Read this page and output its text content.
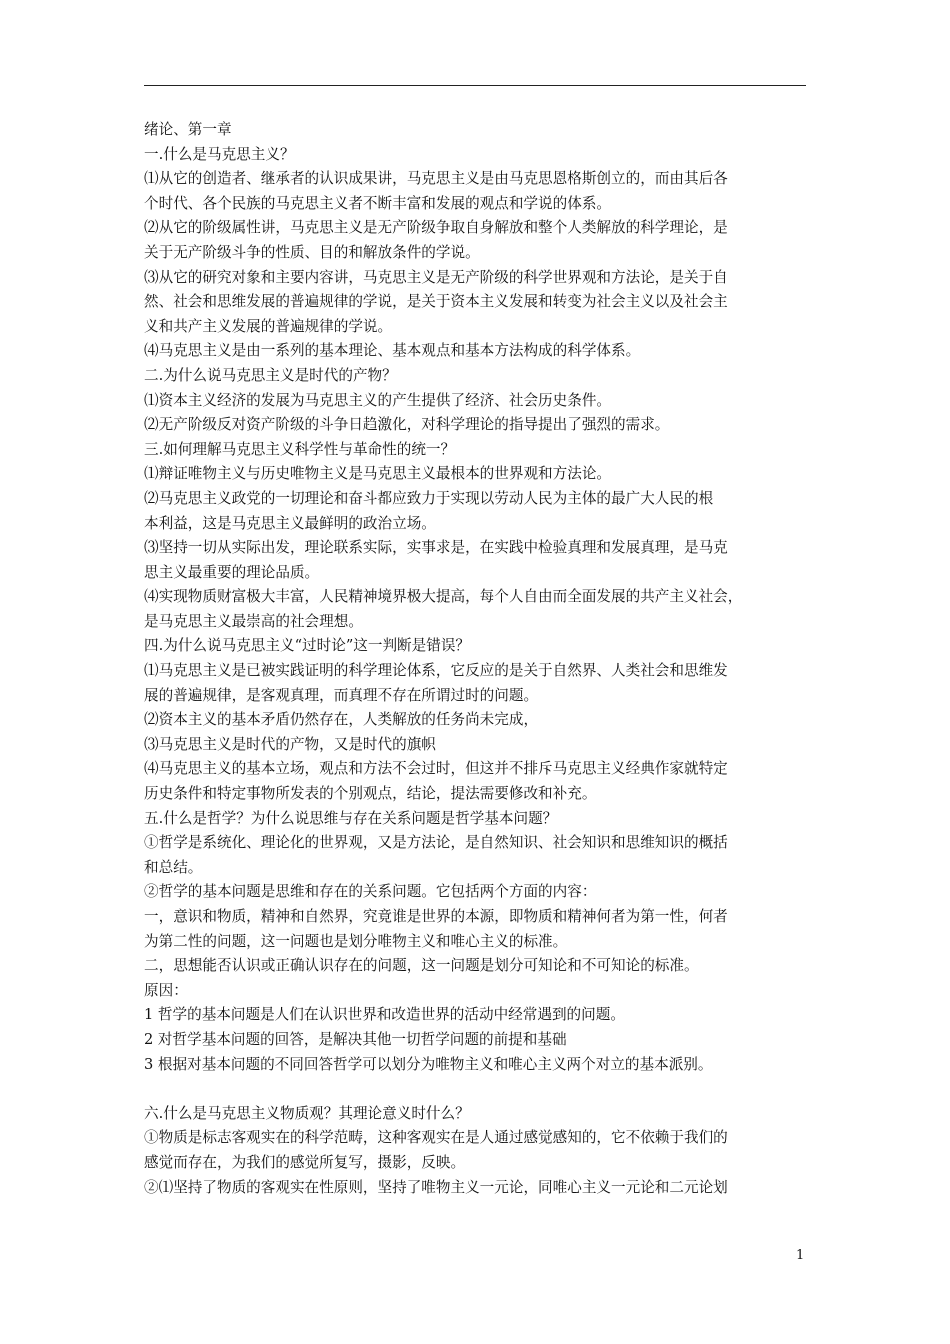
绪论、第一章
一.什么是马克思主义？
⑴从它的创造者、继承者的认识成果讲，马克思主义是由马克思恩格斯创立的，而由其后各
个时代、各个民族的马克思主义者不断丰富和发展的观点和学说的体系。
⑵从它的阶级属性讲，马克思主义是无产阶级争取自身解放和整个人类解放的科学理论，是
关于无产阶级斗争的性质、目的和解放条件的学说。
⑶从它的研究对象和主要内容讲，马克思主义是无产阶级的科学世界观和方法论，是关于自
然、社会和思维发展的普遍规律的学说，是关于资本主义发展和转变为社会主义以及社会主
义和共产主义发展的普遍规律的学说。
⑷马克思主义是由一系列的基本理论、基本观点和基本方法构成的科学体系。
二.为什么说马克思主义是时代的产物？
⑴资本主义经济的发展为马克思主义的产生提供了经济、社会历史条件。
⑵无产阶级反对资产阶级的斗争日趋激化，对科学理论的指导提出了强烈的需求。
三.如何理解马克思主义科学性与革命性的统一？
⑴辩证唯物主义与历史唯物主义是马克思主义最根本的世界观和方法论。
⑵马克思主义政党的一切理论和奋斗都应致力于实现以劳动人民为主体的最广大人民的根
本利益，这是马克思主义最鲜明的政治立场。
⑶坚持一切从实际出发，理论联系实际，实事求是，在实践中检验真理和发展真理，是马克
思主义最重要的理论品质。
⑷实现物质财富极大丰富，人民精神境界极大提高，每个人自由而全面发展的共产主义社会，
是马克思主义最崇高的社会理想。
四.为什么说马克思主义“过时论”这一判断是错误？
⑴马克思主义是已被实践证明的科学理论体系，它反应的是关于自然界、人类社会和思维发
展的普遍规律，是客观真理，而真理不存在所谓过时的问题。
⑵资本主义的基本矛盾仍然存在，人类解放的任务尚未完成，
⑶马克思主义是时代的产物，又是时代的旗帜
⑷马克思主义的基本立场，观点和方法不会过时，但这并不排斥马克思主义经典作家就特定
历史条件和特定事物所发表的个别观点，结论，提法需要修改和补充。
五.什么是哲学？为什么说思维与存在关系问题是哲学基本问题？
①哲学是系统化、理论化的世界观，又是方法论，是自然知识、社会知识和思维知识的概括
和总结。
②哲学的基本问题是思维和存在的关系问题。它包括两个方面的内容：
一，意识和物质，精神和自然界，究竟谁是世界的本源，即物质和精神何者为第一性，何者
为第二性的问题，这一问题也是划分唯物主义和唯心主义的标准。
二，思想能否认识或正确认识存在的问题，这一问题是划分可知论和不可知论的标准。
原因：
1 哲学的基本问题是人们在认识世界和改造世界的活动中经常遇到的问题。
2 对哲学基本问题的回答，是解决其他一切哲学问题的前提和基础
3 根据对基本问题的不同回答哲学可以划分为唯物主义和唯心主义两个对立的基本派别。
六.什么是马克思主义物质观？其理论意义时什么？
①物质是标志客观实在的科学范畴，这种客观实在是人通过感觉感知的，它不依赖于我们的
感觉而存在，为我们的感觉所复写，摄影，反映。
②⑴坚持了物质的客观实在性原则，坚持了唯物主义一元论，同唯心主义一元论和二元论划
1
